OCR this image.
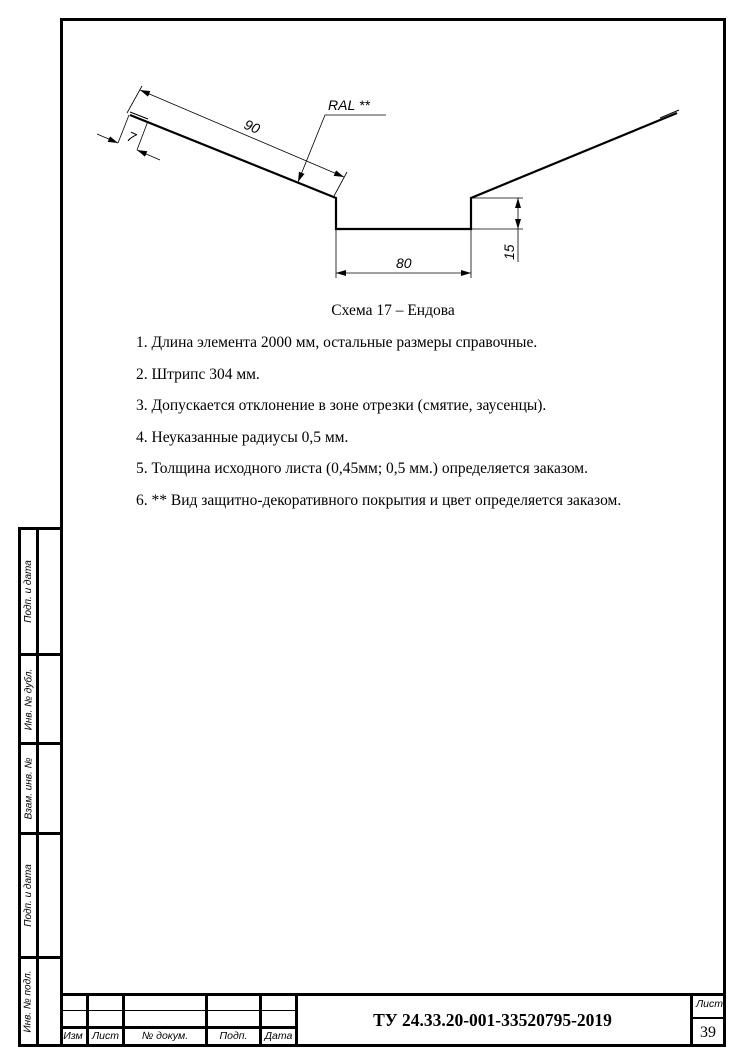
90
7
RAL **
80
15
Схема 17 – Ендова
1. Длина элемента 2000 мм, остальные размеры справочные.
2. Штрипс 304 мм.
3. Допускается отклонение в зоне отрезки (смятие, заусенцы).
4. Неуказанные радиусы 0,5 мм.
5. Толщина исходного листа (0,45мм; 0,5 мм.) определяется заказом.
6. ** Вид защитно-декоративного покрытия и цвет определяется заказом.
Подп. и дата
Инв. № дубл.
Взам. инв. №
Подп. и дата
Инв. № подл.
Изм Лист	№ докум.	Подп.	Дата
ТУ 24.33.20-001-33520795-2019
Лист
39
